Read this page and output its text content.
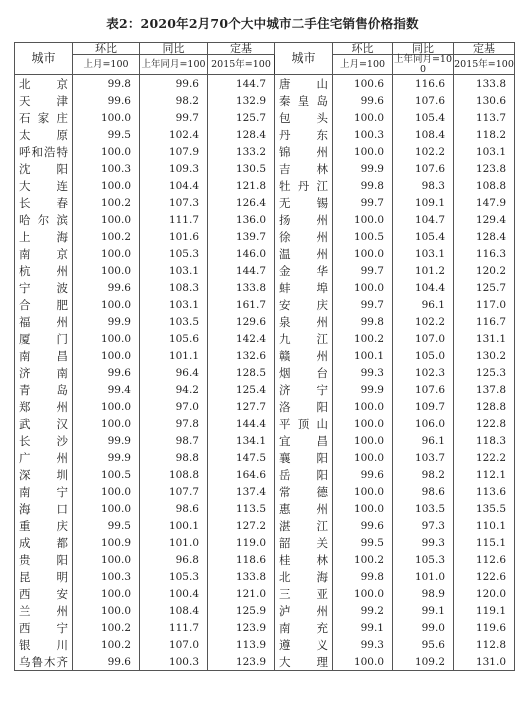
表2：2020年2月70个大中城市二手住宅销售价格指数
城市	环比	同比	定基	城市	环比	同比	定基
	上月=100	上年同月=100	2015年=100		上月=100	上年同月=100	2015年=100
北京	99.8	99.6	144.7	唐山	100.6	116.6	133.8
天津	99.6	98.2	132.9	秦皇岛	99.6	107.6	130.6
石家庄	100.0	99.7	125.7	包头	100.0	105.4	113.7
太原	99.5	102.4	128.4	丹东	100.3	108.4	118.2
呼和浩特	100.0	107.9	133.2	锦州	100.0	102.2	103.1
沈阳	100.3	109.3	130.5	吉林	99.9	107.6	123.8
大连	100.0	104.4	121.8	牡丹江	99.8	98.3	108.8
长春	100.2	107.3	126.4	无锡	99.7	109.1	147.9
哈尔滨	100.0	111.7	136.0	扬州	100.0	104.7	129.4
上海	100.2	101.6	139.7	徐州	100.5	105.4	128.4
南京	100.0	105.3	146.0	温州	100.0	103.1	116.3
杭州	100.0	103.1	144.7	金华	99.7	101.2	120.2
宁波	99.6	108.3	133.8	蚌埠	100.0	104.4	125.7
合肥	100.0	103.1	161.7	安庆	99.7	96.1	117.0
福州	99.9	103.5	129.6	泉州	99.8	102.2	116.7
厦门	100.0	105.6	142.4	九江	100.2	107.0	131.1
南昌	100.0	101.1	132.6	赣州	100.1	105.0	130.2
济南	99.6	96.4	128.5	烟台	99.3	102.3	125.3
青岛	99.4	94.2	125.4	济宁	99.9	107.6	137.8
郑州	100.0	97.0	127.7	洛阳	100.0	109.7	128.8
武汉	100.0	97.8	144.4	平顶山	100.0	106.0	122.8
长沙	99.9	98.7	134.1	宜昌	100.0	96.1	118.3
广州	99.9	98.8	147.5	襄阳	100.0	103.7	122.2
深圳	100.5	108.8	164.6	岳阳	99.6	98.2	112.1
南宁	100.0	107.7	137.4	常德	100.0	98.6	113.6
海口	100.0	98.6	113.5	惠州	100.0	103.5	135.5
重庆	99.5	100.1	127.2	湛江	99.6	97.3	110.1
成都	100.9	101.0	119.0	韶关	99.5	99.3	115.1
贵阳	100.0	96.8	118.6	桂林	100.2	105.3	112.6
昆明	100.3	105.3	133.8	北海	99.8	101.0	122.6
西安	100.0	100.4	121.0	三亚	100.0	98.9	120.0
兰州	100.0	108.4	125.9	泸州	99.2	99.1	119.1
西宁	100.2	111.7	123.9	南充	99.1	99.0	119.6
银川	100.2	107.0	113.9	遵义	99.3	95.6	112.8
乌鲁木齐	99.6	100.3	123.9	大理	100.0	109.2	131.0
